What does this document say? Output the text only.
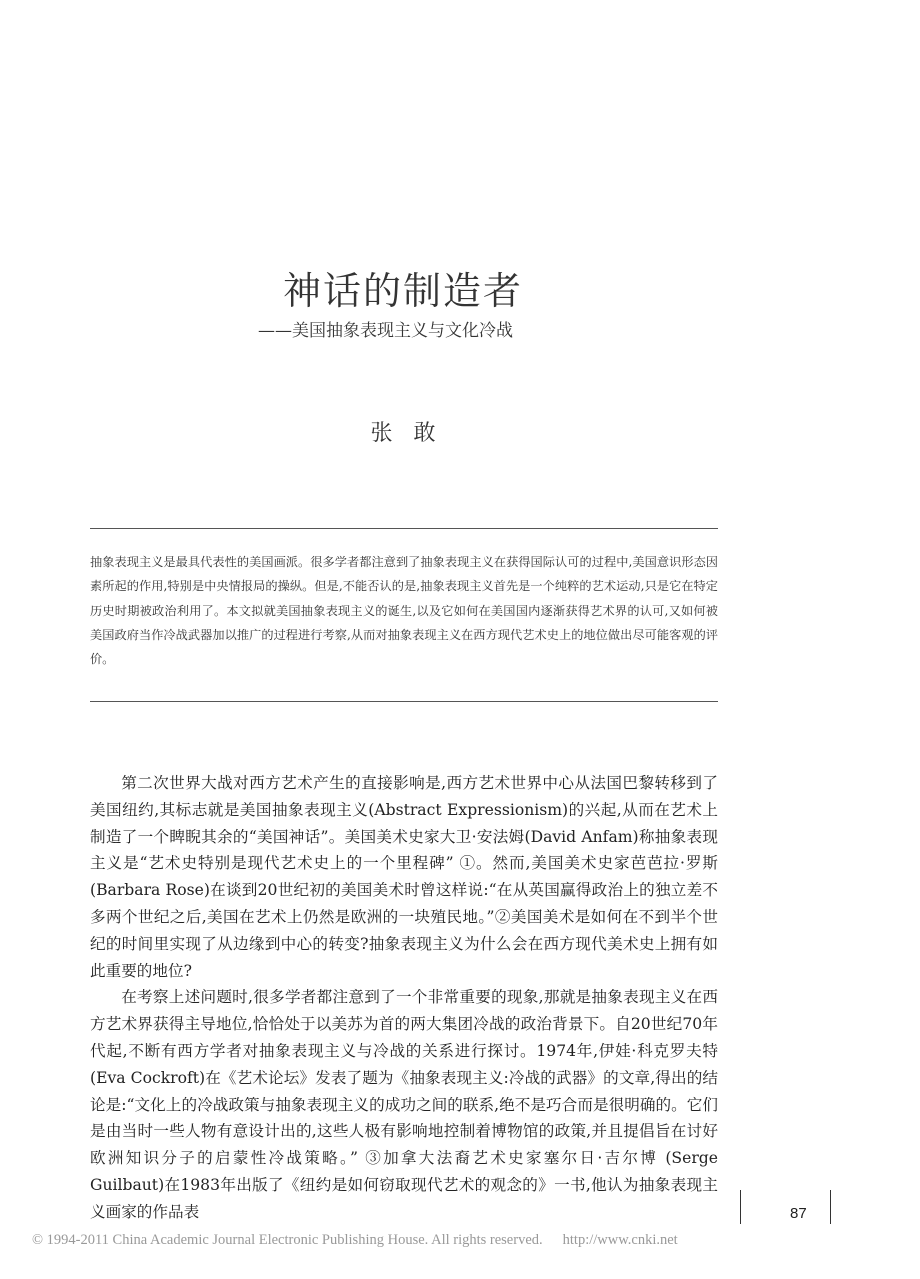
神话的制造者
——美国抽象表现主义与文化冷战
张 敢
抽象表现主义是最具代表性的美国画派。很多学者都注意到了抽象表现主义在获得国际认可的过程中,美国意识形态因素所起的作用,特别是中央情报局的操纵。但是,不能否认的是,抽象表现主义首先是一个纯粹的艺术运动,只是它在特定历史时期被政治利用了。本文拟就美国抽象表现主义的诞生,以及它如何在美国国内逐渐获得艺术界的认可,又如何被美国政府当作冷战武器加以推广的过程进行考察,从而对抽象表现主义在西方现代艺术史上的地位做出尽可能客观的评价。

第二次世界大战对西方艺术产生的直接影响是,西方艺术世界中心从法国巴黎转移到了美国纽约,其标志就是美国抽象表现主义(Abstract Expressionism)的兴起,从而在艺术上制造了一个睥睨其余的“美国神话”。美国美术史家大卫·安法姆(David Anfam)称抽象表现主义是“艺术史特别是现代艺术史上的一个里程碑” ①。然而,美国美术史家芭芭拉·罗斯(Barbara Rose)在谈到20世纪初的美国美术时曾这样说:“在从英国赢得政治上的独立差不多两个世纪之后,美国在艺术上仍然是欧洲的一块殖民地。”②美国美术是如何在不到半个世纪的时间里实现了从边缘到中心的转变?抽象表现主义为什么会在西方现代美术史上拥有如此重要的地位?

在考察上述问题时,很多学者都注意到了一个非常重要的现象,那就是抽象表现主义在西方艺术界获得主导地位,恰恰处于以美苏为首的两大集团冷战的政治背景下。自20世纪70年代起,不断有西方学者对抽象表现主义与冷战的关系进行探讨。1974年,伊娃·科克罗夫特(Eva Cockroft)在《艺术论坛》发表了题为《抽象表现主义:冷战的武器》的文章,得出的结论是:“文化上的冷战政策与抽象表现主义的成功之间的联系,绝不是巧合而是很明确的。它们是由当时一些人物有意设计出的,这些人极有影响地控制着博物馆的政策,并且提倡旨在讨好欧洲知识分子的启蒙性冷战策略。” ③加拿大法裔艺术史家塞尔日·吉尔博 (Serge Guilbaut)在1983年出版了《纽约是如何窃取现代艺术的观念的》一书,他认为抽象表现主义画家的作品表	87
© 1994-2011 China Academic Journal Electronic Publishing House. All rights reserved. http://www.cnki.net
